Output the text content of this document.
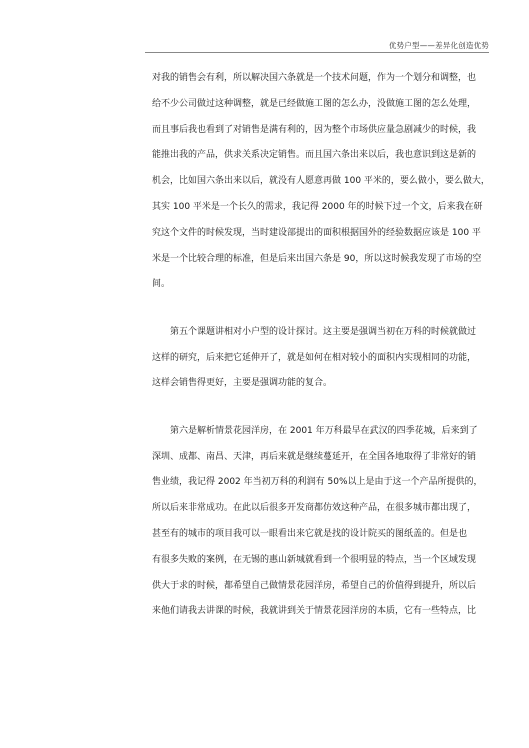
优势户型——差异化创造优势
对我的销售会有利，所以解决国六条就是一个技术问题，作为一个划分和调整，也
给不少公司做过这种调整，就是已经做施工图的怎么办，没做施工图的怎么处理，
而且事后我也看到了对销售是满有利的，因为整个市场供应量急剧减少的时候，我
能推出我的产品，供求关系决定销售。而且国六条出来以后，我也意识到这是新的
机会，比如国六条出来以后，就没有人愿意再做 100 平米的，要么做小，要么做大，
其实 100 平米是一个长久的需求，我记得 2000 年的时候下过一个文，后来我在研
究这个文件的时候发现，当时建设部提出的面积根据国外的经验数据应该是 100 平
米是一个比较合理的标准，但是后来出国六条是 90，所以这时候我发现了市场的空
间。
第五个课题讲相对小户型的设计探讨。这主要是强调当初在万科的时候就做过
这样的研究，后来把它延伸开了，就是如何在相对较小的面积内实现相同的功能，
这样会销售得更好，主要是强调功能的复合。
第六是解析情景花园洋房，在 2001 年万科最早在武汉的四季花城，后来到了
深圳、成都、南昌、天津，再后来就是继续蔓延开，在全国各地取得了非常好的销
售业绩，我记得 2002 年当初万科的利润有 50%以上是由于这一个产品所提供的，
所以后来非常成功。在此以后很多开发商都仿效这种产品，在很多城市都出现了，
甚至有的城市的项目我可以一眼看出来它就是找的设计院买的图纸盖的。但是也
有很多失败的案例，在无锡的惠山新城就看到一个很明显的特点，当一个区域发现
供大于求的时候，都希望自己做情景花园洋房，希望自己的价值得到提升，所以后
来他们请我去讲课的时候，我就讲到关于情景花园洋房的本质，它有一些特点，比
